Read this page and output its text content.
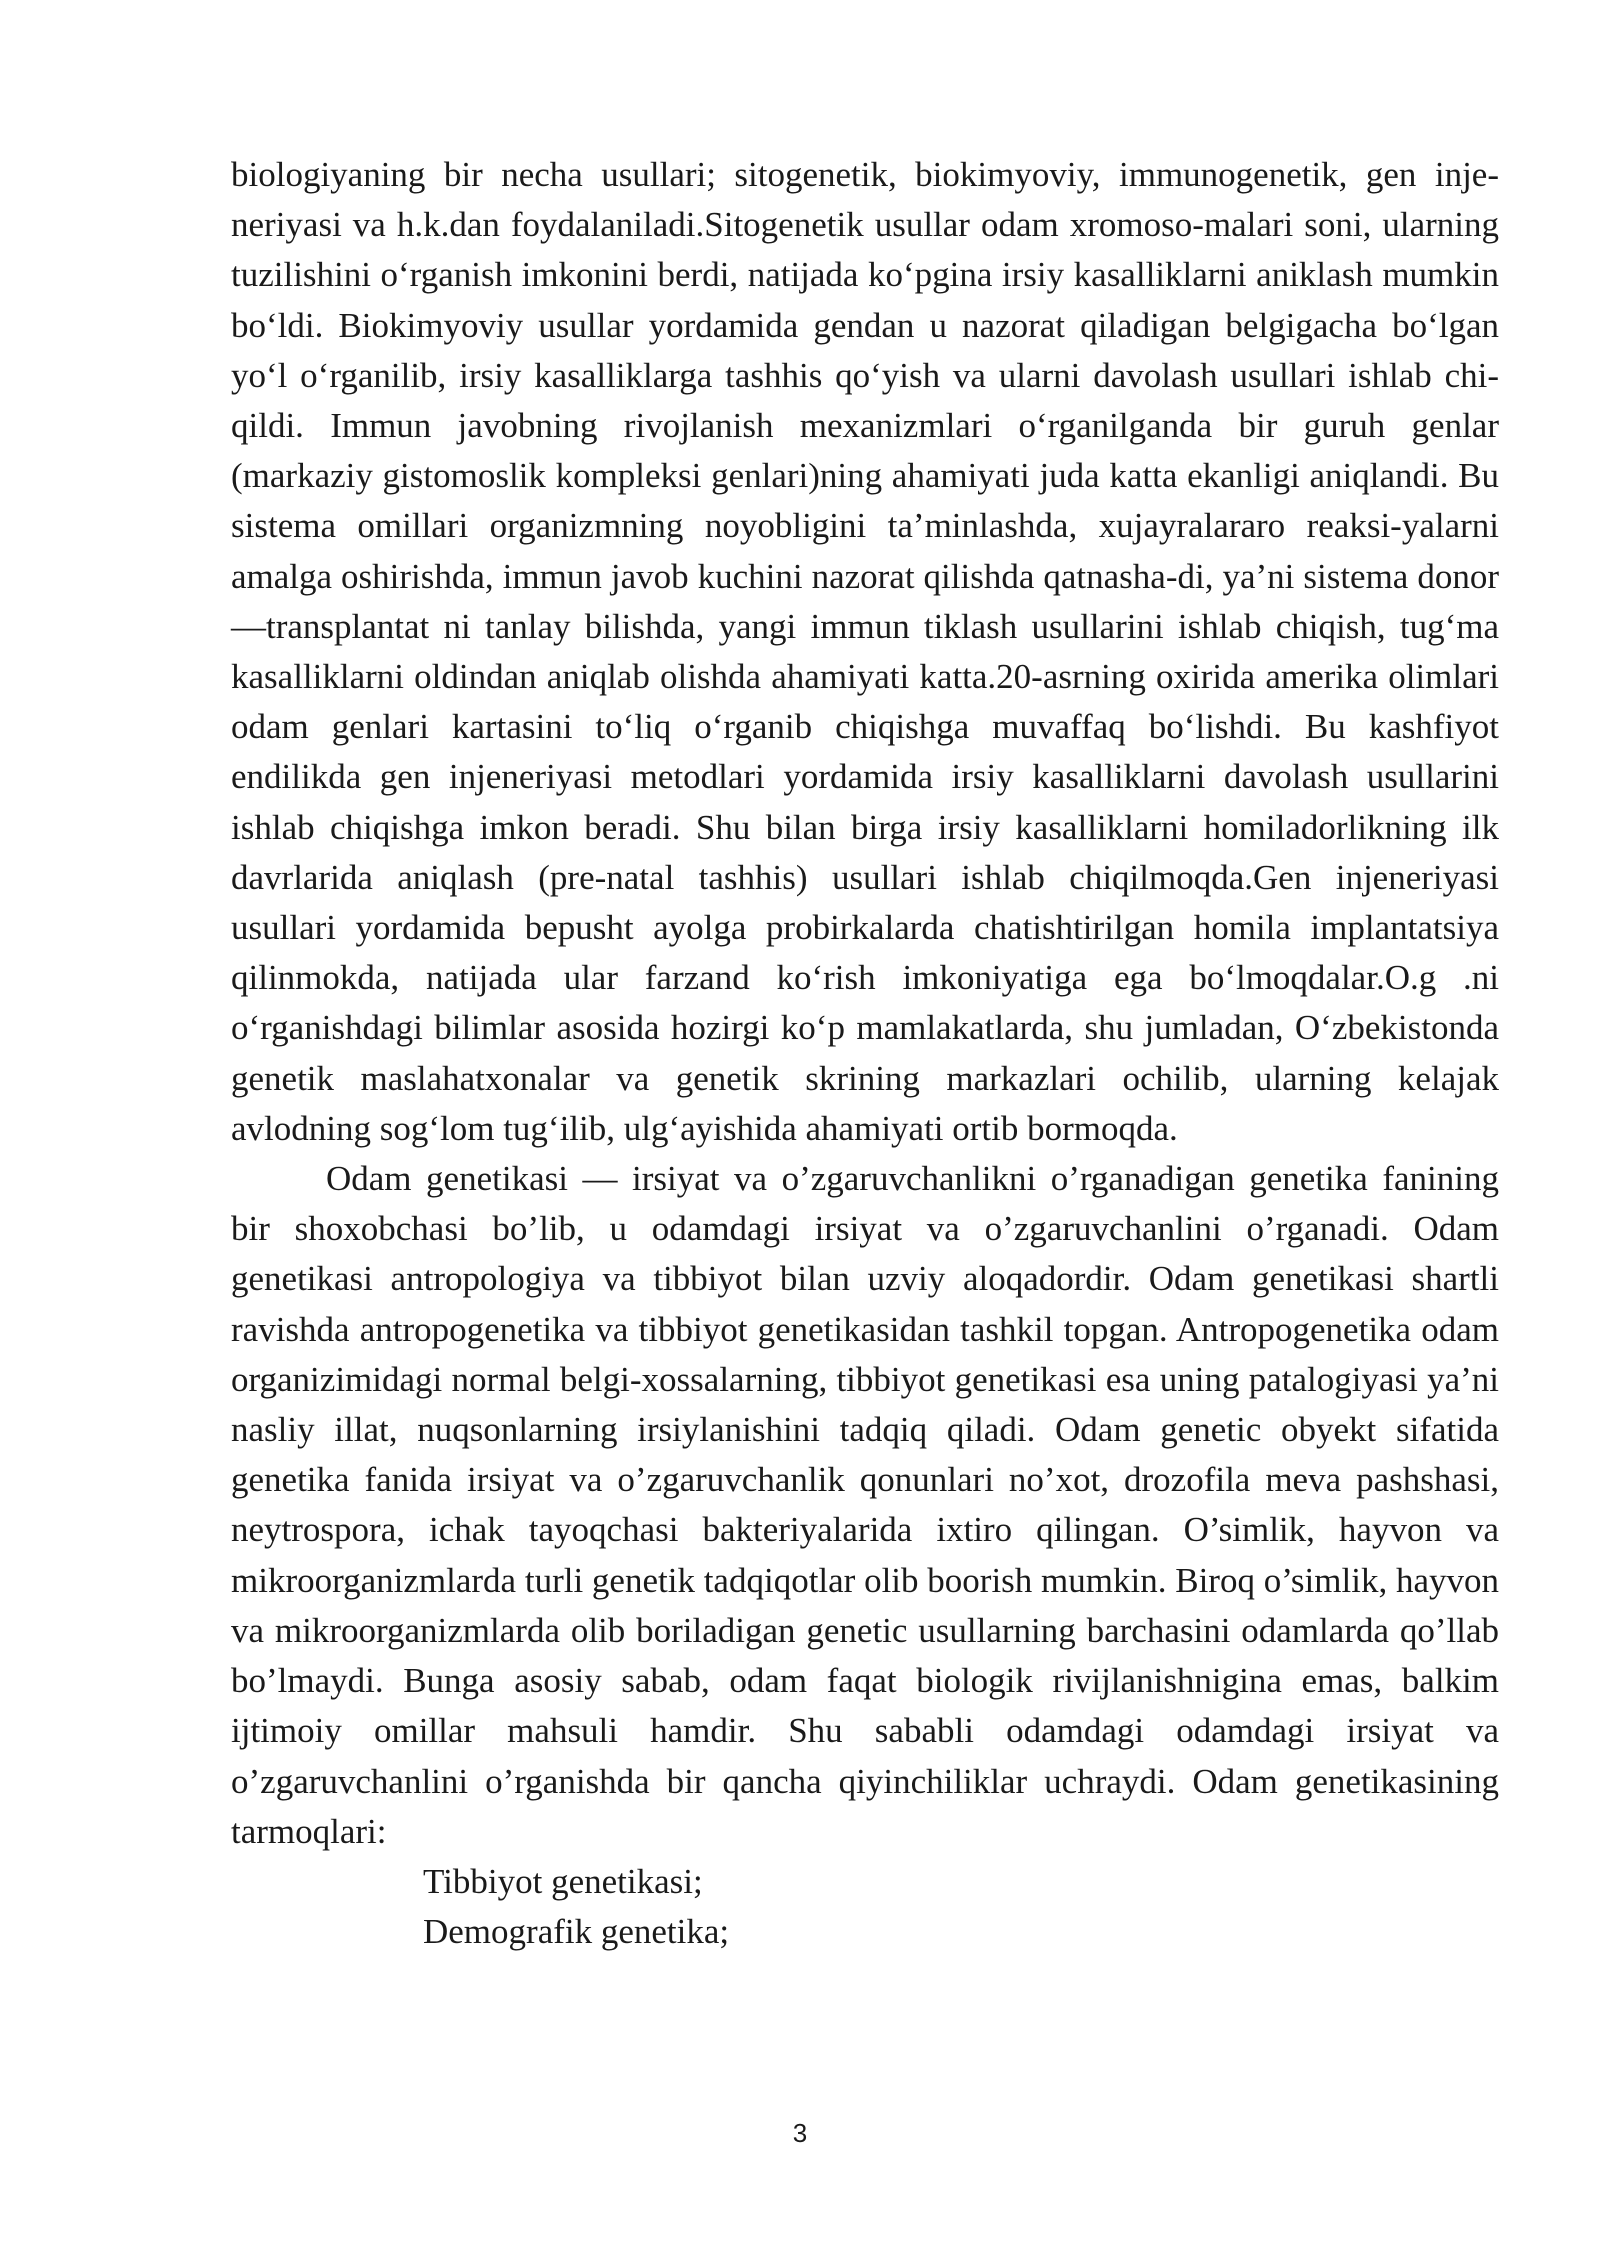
biologiyaning bir necha usullari; sitogenetik, biokimyoviy, immunogenetik, gen inje-neriyasi va h.k.dan foydalaniladi.Sitogenetik usullar odam xromoso-malari soni, ularning tuzilishini o‘rganish imkonini berdi, natijada ko‘pgina irsiy kasalliklarni aniklash mumkin bo‘ldi. Biokimyoviy usullar yordamida gendan u nazorat qiladigan belgigacha bo‘lgan yo‘l o‘rganilib, irsiy kasalliklarga tashhis qo‘yish va ularni davolash usullari ishlab chi-qildi. Immun javobning rivojlanish mexanizmlari o‘rganilganda bir guruh genlar (markaziy gistomoslik kompleksi genlari)ning ahamiyati juda katta ekanligi aniqlandi. Bu sistema omillari organizmning noyobligini ta’minlashda, xujayralararo reaksi-yalarni amalga oshirishda, immun javob kuchini nazorat qilishda qatnasha-di, ya’ni sistema donor —transplantat ni tanlay bilishda, yangi immun tiklash usullarini ishlab chiqish, tug‘ma kasalliklarni oldindan aniqlab olishda ahamiyati katta.20-asrning oxirida amerika olimlari odam genlari kartasini to‘liq o‘rganib chiqishga muvaffaq bo‘lishdi. Bu kashfiyot endilikda gen injeneriyasi metodlari yordamida irsiy kasalliklarni davolash usullarini ishlab chiqishga imkon beradi. Shu bilan birga irsiy kasalliklarni homiladorlikning ilk davrlarida aniqlash (pre-natal tashhis) usullari ishlab chiqilmoqda.Gen injeneriyasi usullari yordamida bepusht ayolga probirkalarda chatishtirilgan homila implantatsiya qilinmokda, natijada ular farzand ko‘rish imkoniyatiga ega bo‘lmoqdalar.O.g .ni o‘rganishdagi bilimlar asosida hozirgi ko‘p mamlakatlarda, shu jumladan, O‘zbekistonda genetik maslahatxonalar va genetik skrining markazlari ochilib, ularning kelajak avlodning sog‘lom tug‘ilib, ulg‘ayishida ahamiyati ortib bormoqda.

Odam genetikasi — irsiyat va o’zgaruvchanlikni o’rganadigan genetika fanining bir shoxobchasi bo’lib, u odamdagi irsiyat va o’zgaruvchanlini o’rganadi. Odam genetikasi antropologiya va tibbiyot bilan uzviy aloqadordir. Odam genetikasi shartli ravishda antropogenetika va tibbiyot genetikasidan tashkil topgan. Antropogenetika odam organizimidagi normal belgi-xossalarning, tibbiyot genetikasi esa uning patalogiyasi ya’ni nasliy illat, nuqsonlarning irsiylanishini tadqiq qiladi. Odam genetic obyekt sifatida genetika fanida irsiyat va o’zgaruvchanlik qonunlari no’xot, drozofila meva pashshasi, neytrospora, ichak tayoqchasi bakteriyalarida ixtiro qilingan. O’simlik, hayvon va mikroorganizmlarda turli genetik tadqiqotlar olib boorish mumkin. Biroq o’simlik, hayvon va mikroorganizmlarda olib boriladigan genetic usullarning barchasini odamlarda qo’llab bo’lmaydi. Bunga asosiy sabab, odam faqat biologik rivijlanishnigina emas, balkim ijtimoiy omillar mahsuli hamdir. Shu sababli odamdagi odamdagi irsiyat va o’zgaruvchanlini o’rganishda bir qancha qiyinchiliklar uchraydi. Odam genetikasining tarmoqlari:

Tibbiyot genetikasi;
Demografik genetika;
3
